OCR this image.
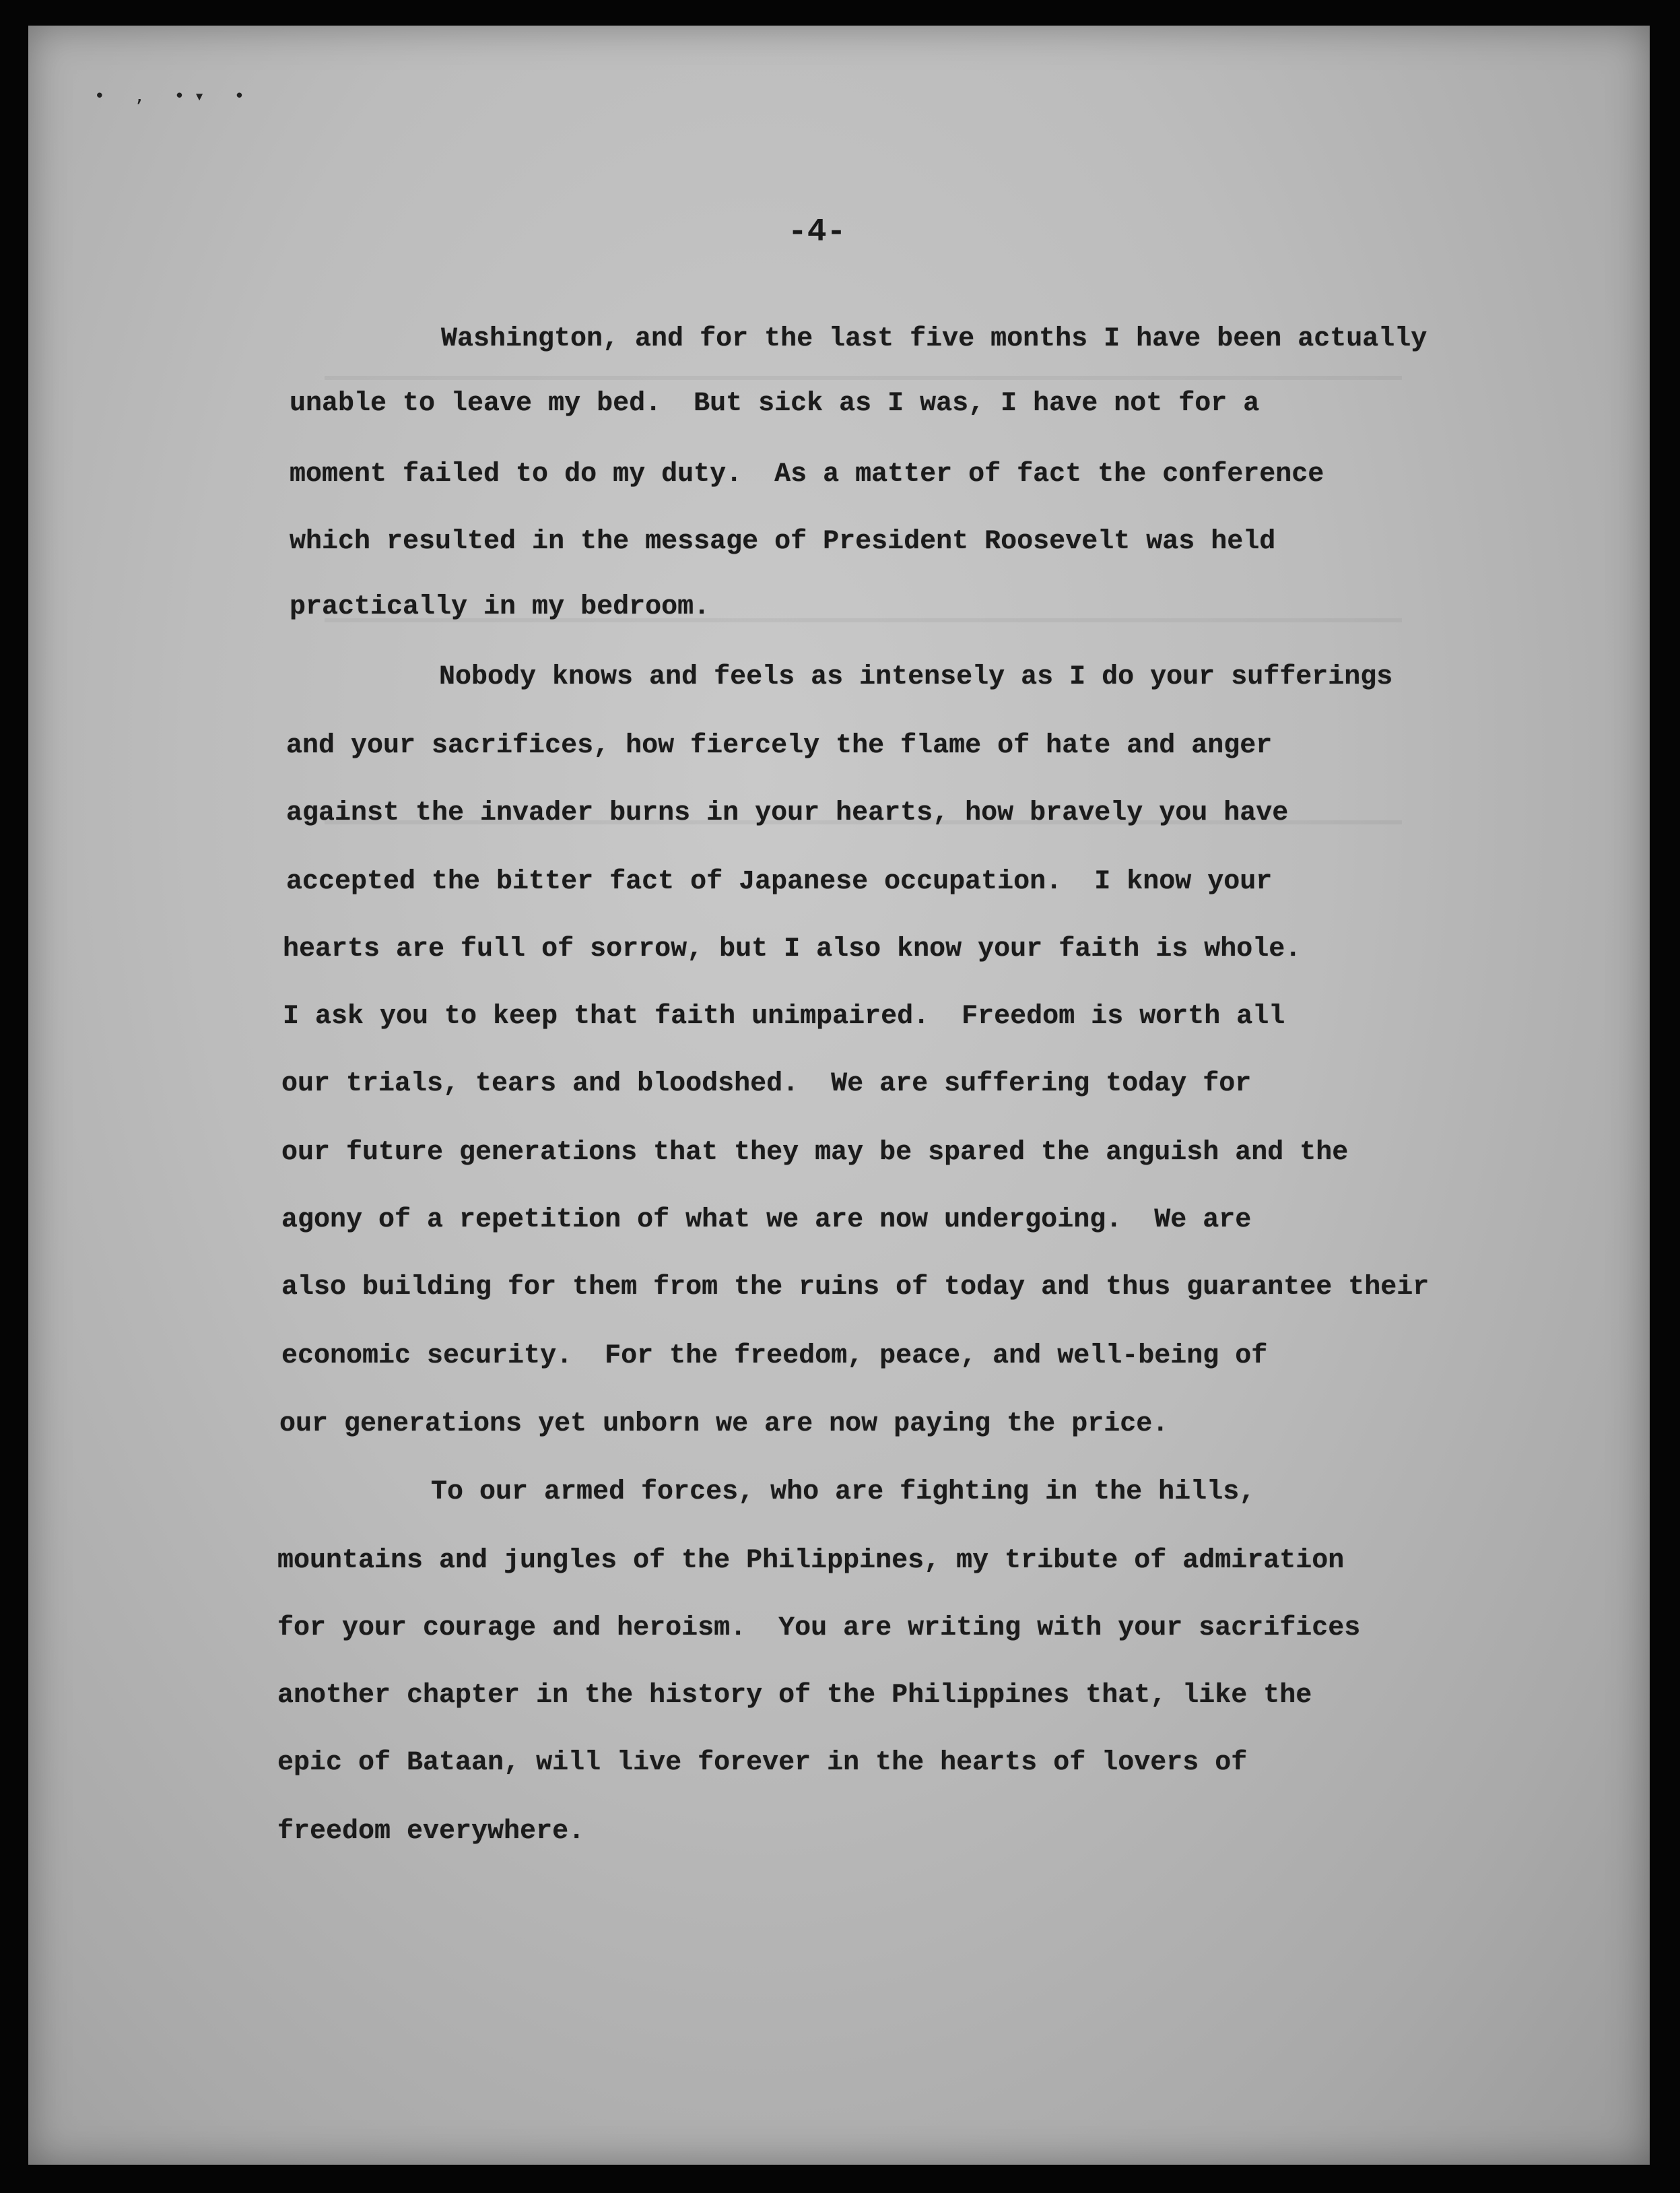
• , •▾ •
-4-
Washington, and for the last five months I have been actually
unable to leave my bed.  But sick as I was, I have not for a
moment failed to do my duty.  As a matter of fact the conference
which resulted in the message of President Roosevelt was held
practically in my bedroom.
Nobody knows and feels as intensely as I do your sufferings
and your sacrifices, how fiercely the flame of hate and anger
against the invader burns in your hearts, how bravely you have
accepted the bitter fact of Japanese occupation.  I know your
hearts are full of sorrow, but I also know your faith is whole.
I ask you to keep that faith unimpaired.  Freedom is worth all
our trials, tears and bloodshed.  We are suffering today for
our future generations that they may be spared the anguish and the
agony of a repetition of what we are now undergoing.  We are
also building for them from the ruins of today and thus guarantee their
economic security.  For the freedom, peace, and well-being of
our generations yet unborn we are now paying the price.
To our armed forces, who are fighting in the hills,
mountains and jungles of the Philippines, my tribute of admiration
for your courage and heroism.  You are writing with your sacrifices
another chapter in the history of the Philippines that, like the
epic of Bataan, will live forever in the hearts of lovers of
freedom everywhere.
